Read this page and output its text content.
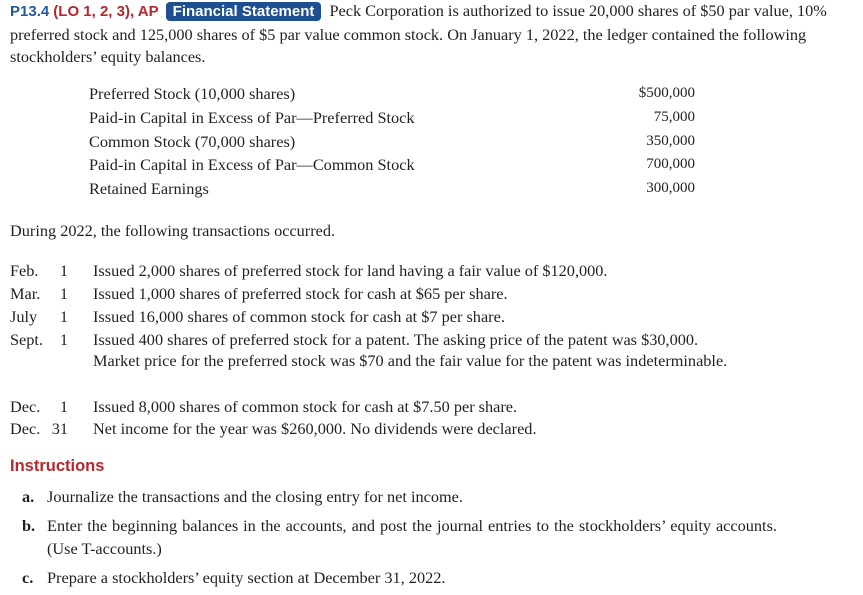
P13.4 (LO 1, 2, 3), AP Financial Statement Peck Corporation is authorized to issue 20,000 shares of $50 par value, 10% preferred stock and 125,000 shares of $5 par value common stock. On January 1, 2022, the ledger contained the following stockholders’ equity balances.
Preferred Stock (10,000 shares)	$500,000
Paid-in Capital in Excess of Par—Preferred Stock	75,000
Common Stock (70,000 shares)	350,000
Paid-in Capital in Excess of Par—Common Stock	700,000
Retained Earnings	300,000
During 2022, the following transactions occurred.
Feb.	1 Issued 2,000 shares of preferred stock for land having a fair value of $120,000.
Mar.	1 Issued 1,000 shares of preferred stock for cash at $65 per share.
July	1 Issued 16,000 shares of common stock for cash at $7 per share.
Sept.	1 Issued 400 shares of preferred stock for a patent. The asking price of the patent was $30,000. Market price for the preferred stock was $70 and the fair value for the patent was indeterminable.
Dec.	1 Issued 8,000 shares of common stock for cash at $7.50 per share.
Dec. 31 Net income for the year was $260,000. No dividends were declared.
Instructions
a. Journalize the transactions and the closing entry for net income.
b. Enter the beginning balances in the accounts, and post the journal entries to the stockholders’ equity accounts. (Use T-accounts.)
c. Prepare a stockholders’ equity section at December 31, 2022.
